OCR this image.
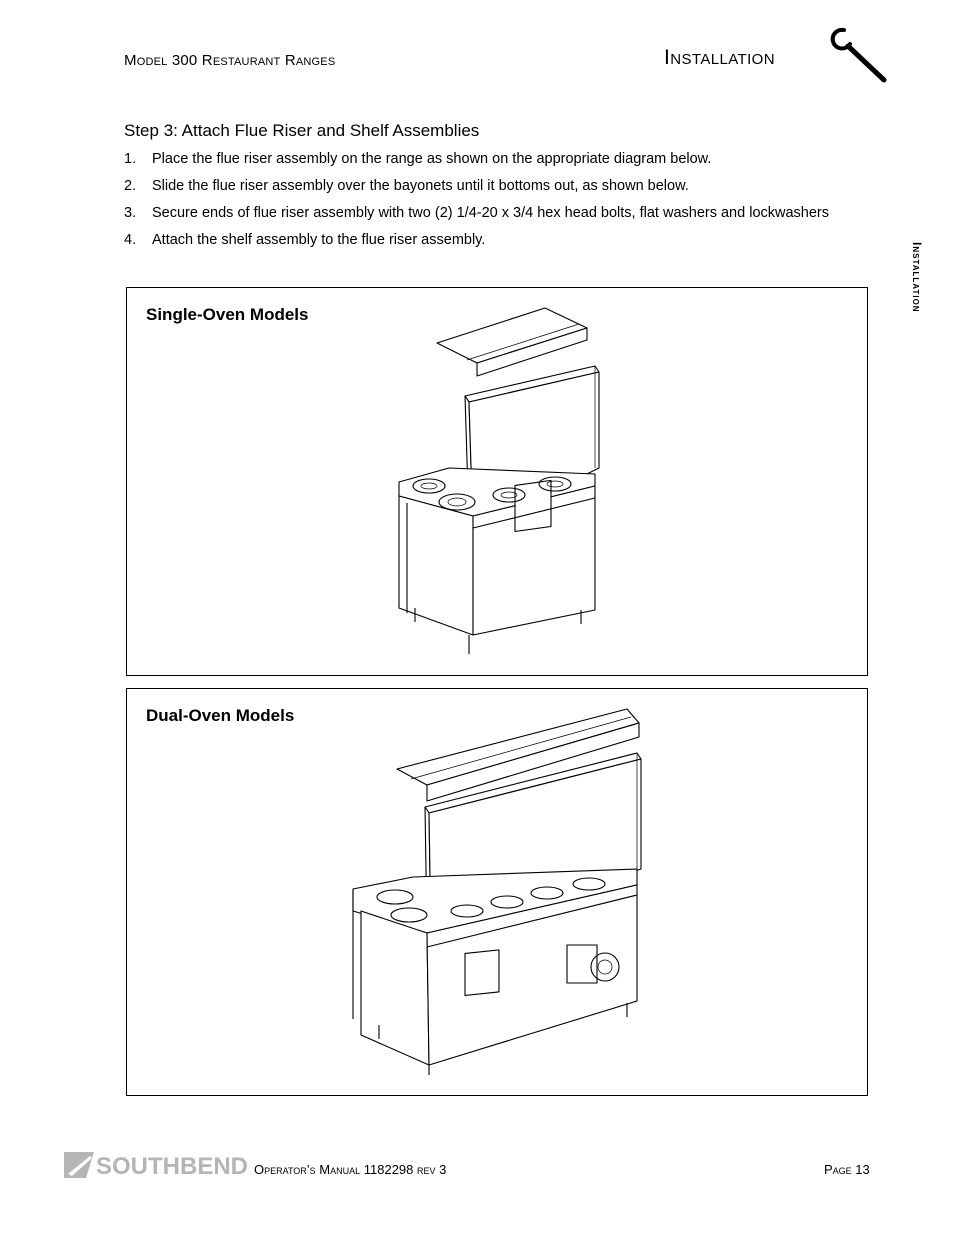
Model 300 Restaurant Ranges	Installation
Installation
Step 3: Attach Flue Riser and Shelf Assemblies
1. Place the flue riser assembly on the range as shown on the appropriate diagram below.
2. Slide the flue riser assembly over the bayonets until it bottoms out, as shown below.
3. Secure ends of flue riser assembly with two (2) 1/4-20 x 3/4 hex head bolts, flat washers and lockwashers
4. Attach the shelf assembly to the flue riser assembly.
Single-Oven Models
Dual-Oven Models
SOUTHBEND Operator’s Manual 1182298 rev 3	Page 13
